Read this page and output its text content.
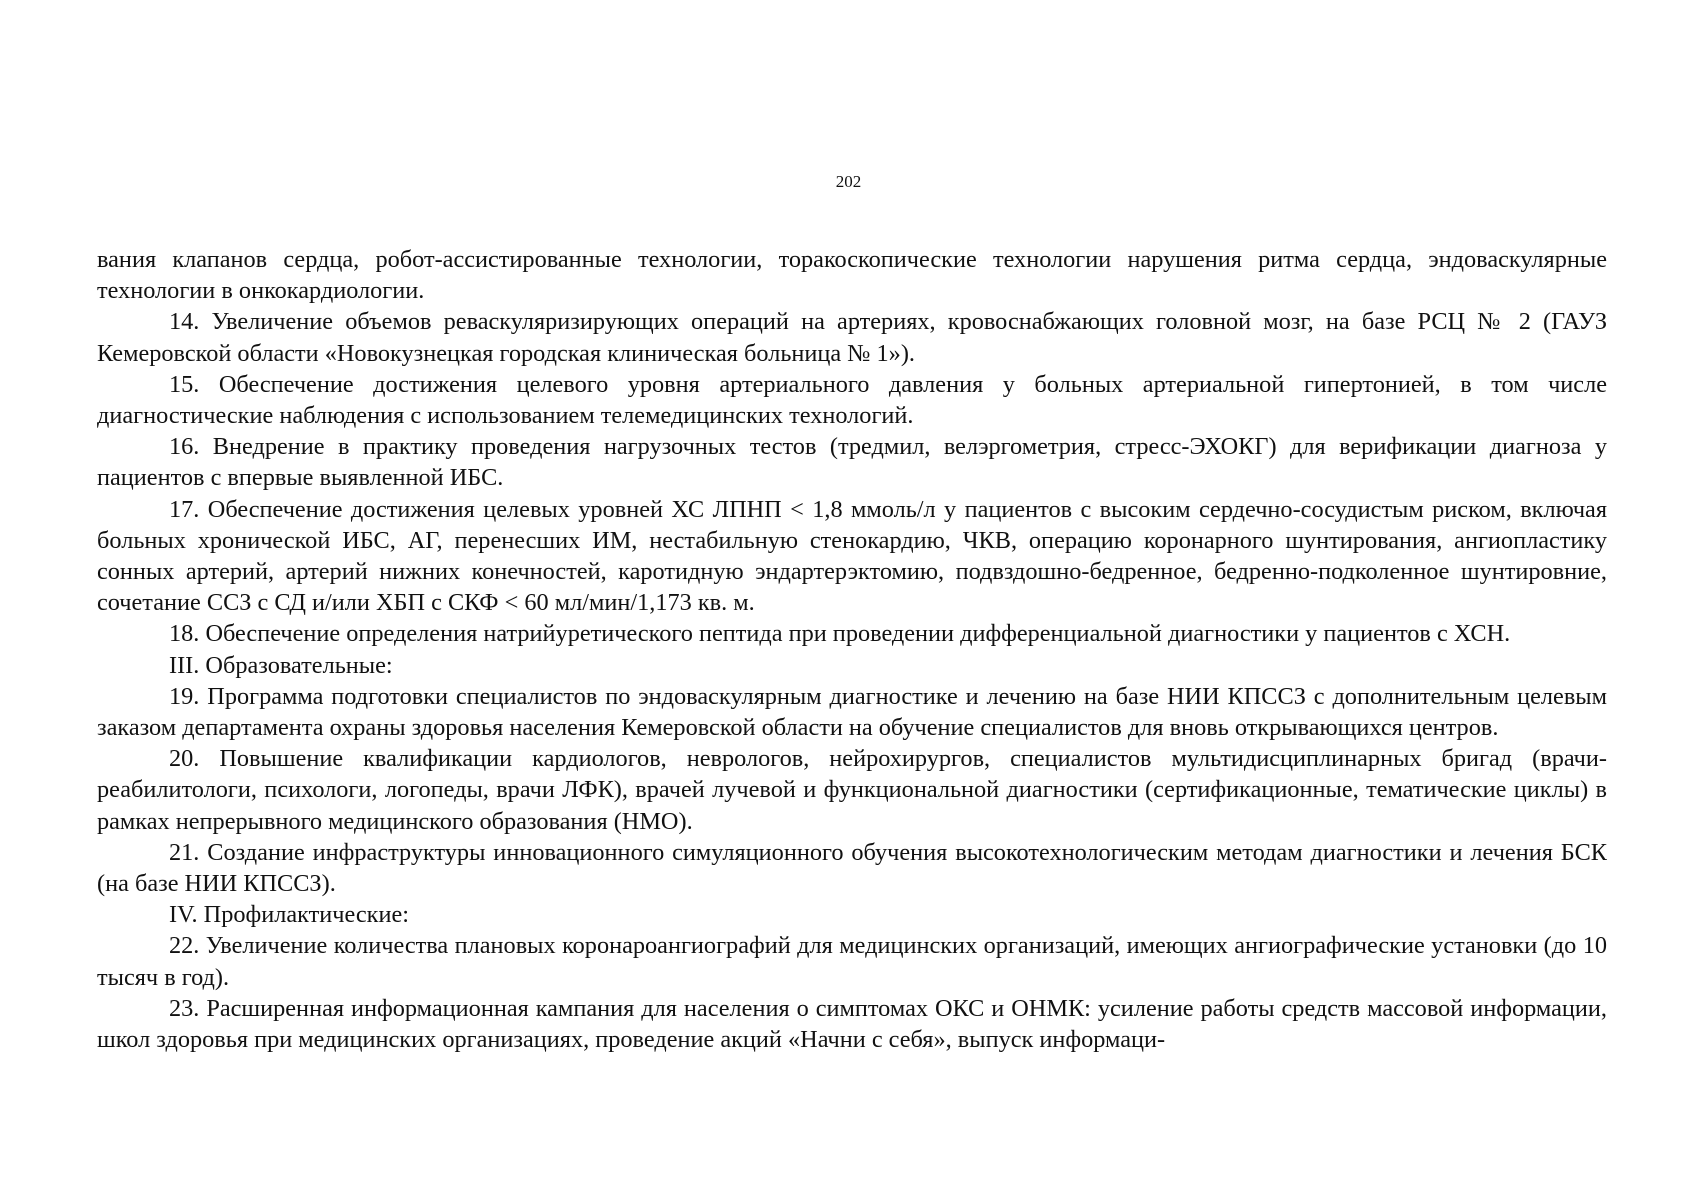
202

вания клапанов сердца, робот-ассистированные технологии, торакоскопические технологии нарушения ритма сердца, эндоваскулярные технологии в онкокардиологии.

14. Увеличение объемов реваскуляризирующих операций на артериях, кровоснабжающих головной мозг, на базе РСЦ № 2 (ГАУЗ Кемеровской области «Новокузнецкая городская клиническая больница № 1»).

15. Обеспечение достижения целевого уровня артериального давления у больных артериальной гипертонией, в том числе диагностические наблюдения с использованием телемедицинских технологий.

16. Внедрение в практику проведения нагрузочных тестов (тредмил, велэргометрия, стресс-ЭХОКГ) для верификации диагноза у пациентов с впервые выявленной ИБС.

17. Обеспечение достижения целевых уровней ХС ЛПНП < 1,8 ммоль/л у пациентов с высоким сердечно-сосудистым риском, включая больных хронической ИБС, АГ, перенесших ИМ, нестабильную стенокардию, ЧКВ, операцию коронарного шунтирования, ангиопластику сонных артерий, артерий нижних конечностей, каротидную эндартерэктомию, подвздошно-бедренное, бедренно-подколенное шунтировние, сочетание ССЗ с СД и/или ХБП с СКФ < 60 мл/мин/1,173 кв. м.

18. Обеспечение определения натрийуретического пептида при проведении дифференциальной диагностики у пациентов с ХСН.

III. Образовательные:

19. Программа подготовки специалистов по эндоваскулярным диагностике и лечению на базе НИИ КПССЗ с дополнительным целевым заказом департамента охраны здоровья населения Кемеровской области на обучение специалистов для вновь открывающихся центров.

20. Повышение квалификации кардиологов, неврологов, нейрохирургов, специалистов мультидисциплинарных бригад (врачи-реабилитологи, психологи, логопеды, врачи ЛФК), врачей лучевой и функциональной диагностики (сертификационные, тематические циклы) в рамках непрерывного медицинского образования (НМО).

21. Создание инфраструктуры инновационного симуляционного обучения высокотехнологическим методам диагностики и лечения БСК (на базе НИИ КПССЗ).

IV. Профилактические:

22. Увеличение количества плановых коронароангиографий для медицинских организаций, имеющих ангиографические установки (до 10 тысяч в год).

23. Расширенная информационная кампания для населения о симптомах ОКС и ОНМК: усиление работы средств массовой информации, школ здоровья при медицинских организациях, проведение акций «Начни с себя», выпуск информаци-
